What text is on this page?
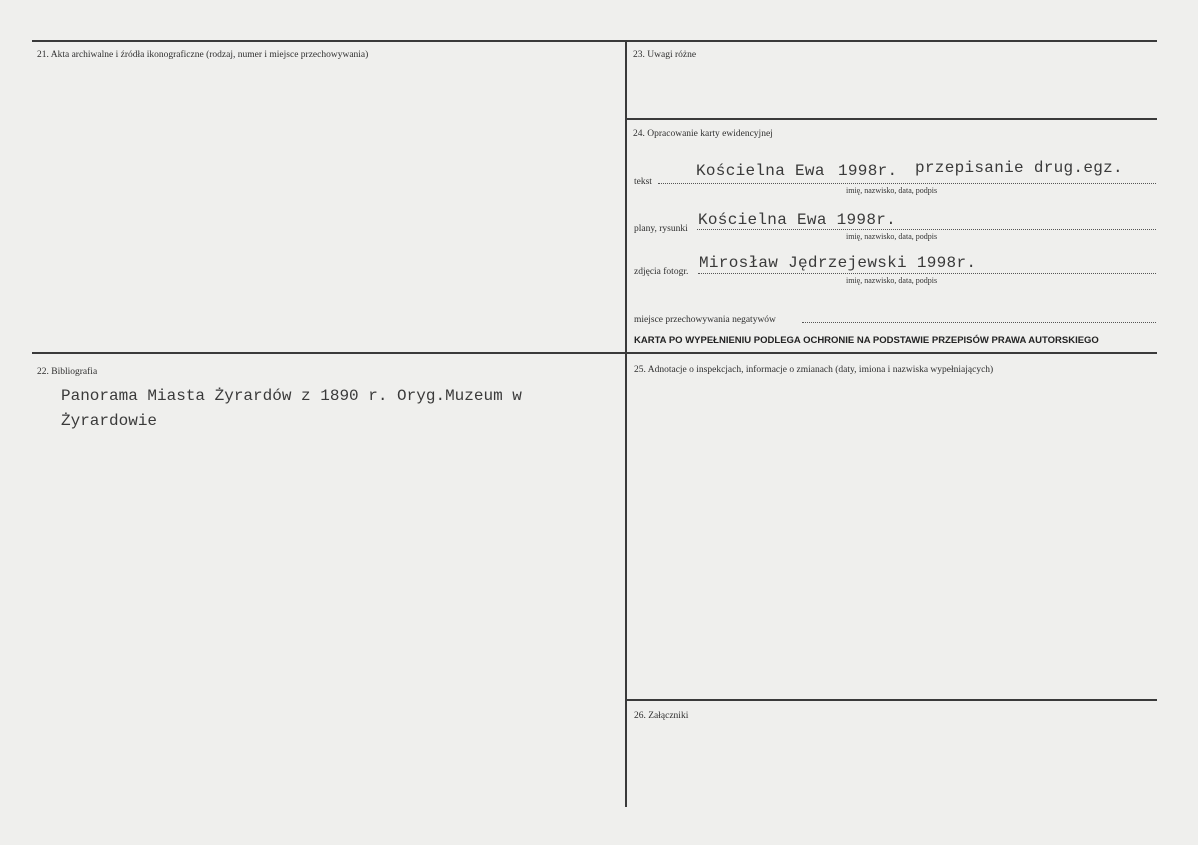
21. Akta archiwalne i źródła ikonograficzne (rodzaj, numer i miejsce przechowywania)	23. Uwagi różne
24. Opracowanie karty ewidencyjnej
22. Bibliografia	25. Adnotacje o inspekcjach, informacje o zmianach (daty, imiona i nazwiska wypełniających)
26. Załączniki
tekst
Kościelna Ewa 1998r. przepisanie drug.egz.
imię, nazwisko, data, podpis
plany, rysunki Kościelna Ewa 1998r.
imię, nazwisko, data, podpis
zdjęcia fotogr. Mirosław Jędrzejewski 1998r.
imię, nazwisko, data, podpis
miejsce przechowywania negatywów
KARTA PO WYPEŁNIENIU PODLEGA OCHRONIE NA PODSTAWIE PRZEPISÓW PRAWA AUTORSKIEGO
Panorama Miasta Żyrardów z 1890 r. Oryg.Muzeum w Żyrardowie
